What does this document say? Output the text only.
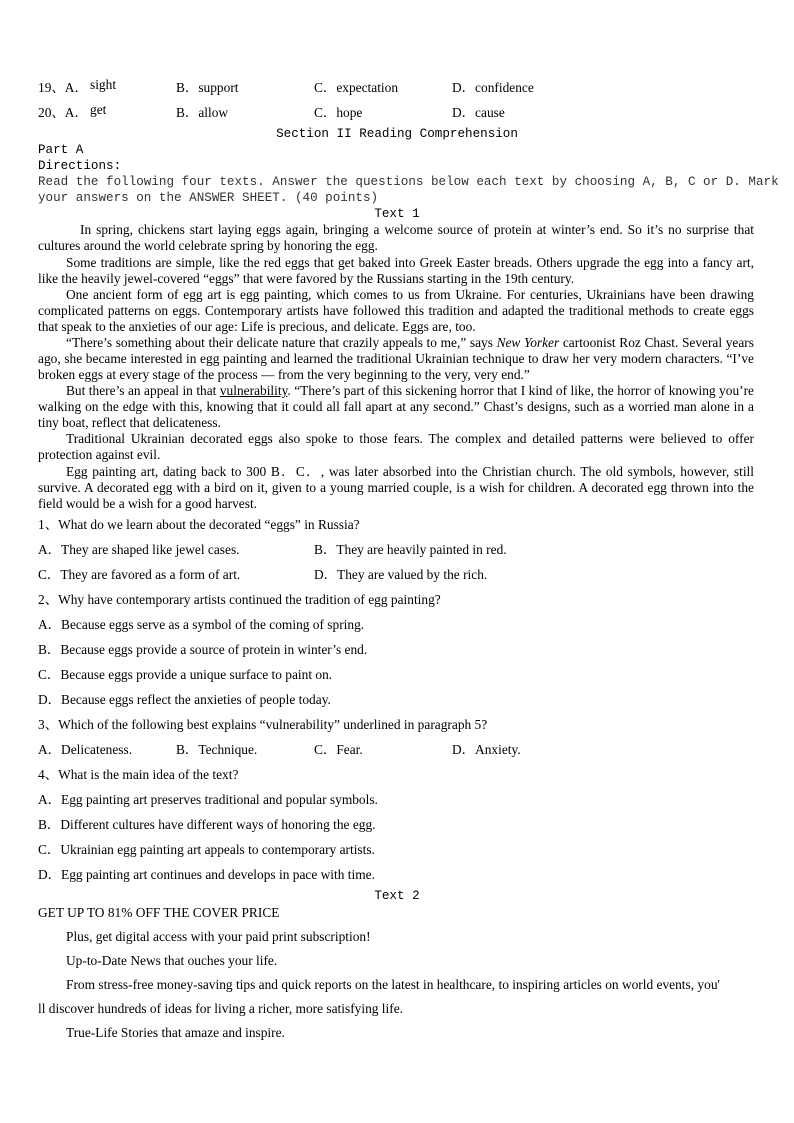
19、A． sight	B．support	C．expectation	D．confidence
20、A． get	B．allow	C．hope	D．cause
Section II Reading Comprehension
Part A
Directions:
Read the following four texts. Answer the questions below each text by choosing A, B, C or D. Mark
your answers on the ANSWER SHEET. (40 points)
Text 1
In spring, chickens start laying eggs again, bringing a welcome source of protein at winter’s end. So it’s no surprise that cultures around the world celebrate spring by honoring the egg.
Some traditions are simple, like the red eggs that get baked into Greek Easter breads. Others upgrade the egg into a fancy art, like the heavily jewel-covered “eggs” that were favored by the Russians starting in the 19th century.
One ancient form of egg art is egg painting, which comes to us from Ukraine. For centuries, Ukrainians have been drawing complicated patterns on eggs. Contemporary artists have followed this tradition and adapted the traditional methods to create eggs that speak to the anxieties of our age: Life is precious, and delicate. Eggs are, too.
“There’s something about their delicate nature that crazily appeals to me,” says New Yorker cartoonist Roz Chast. Several years ago, she became interested in egg painting and learned the traditional Ukrainian technique to draw her very modern characters. “I’ve broken eggs at every stage of the process — from the very beginning to the very, very end.”
But there’s an appeal in that vulnerability. “There’s part of this sickening horror that I kind of like, the horror of knowing you’re walking on the edge with this, knowing that it could all fall apart at any second.” Chast’s designs, such as a worried man alone in a tiny boat, reflect that delicateness.
Traditional Ukrainian decorated eggs also spoke to those fears. The complex and detailed patterns were believed to offer protection against evil.
Egg painting art, dating back to 300 B．C．, was later absorbed into the Christian church. The old symbols, however, still survive. A decorated egg with a bird on it, given to a young married couple, is a wish for children. A decorated egg thrown into the field would be a wish for a good harvest.
1、What do we learn about the decorated “eggs” in Russia?
A．They are shaped like jewel cases.	B．They are heavily painted in red.
C．They are favored as a form of art.	D．They are valued by the rich.
2、Why have contemporary artists continued the tradition of egg painting?
A．Because eggs serve as a symbol of the coming of spring.
B．Because eggs provide a source of protein in winter’s end.
C．Because eggs provide a unique surface to paint on.
D．Because eggs reflect the anxieties of people today.
3、Which of the following best explains “vulnerability” underlined in paragraph 5?
A．Delicateness.	B．Technique.	C．Fear.	D．Anxiety.
4、What is the main idea of the text?
A．Egg painting art preserves traditional and popular symbols.
B．Different cultures have different ways of honoring the egg.
C．Ukrainian egg painting art appeals to contemporary artists.
D．Egg painting art continues and develops in pace with time.
Text 2
GET UP TO 81% OFF THE COVER PRICE
Plus, get digital access with your paid print subscription!
Up-to-Date News that ouches your life.
From stress-free money-saving tips and quick reports on the latest in healthcare, to inspiring articles on world events, you'
ll discover hundreds of ideas for living a richer, more satisfying life.
True-Life Stories that amaze and inspire.
